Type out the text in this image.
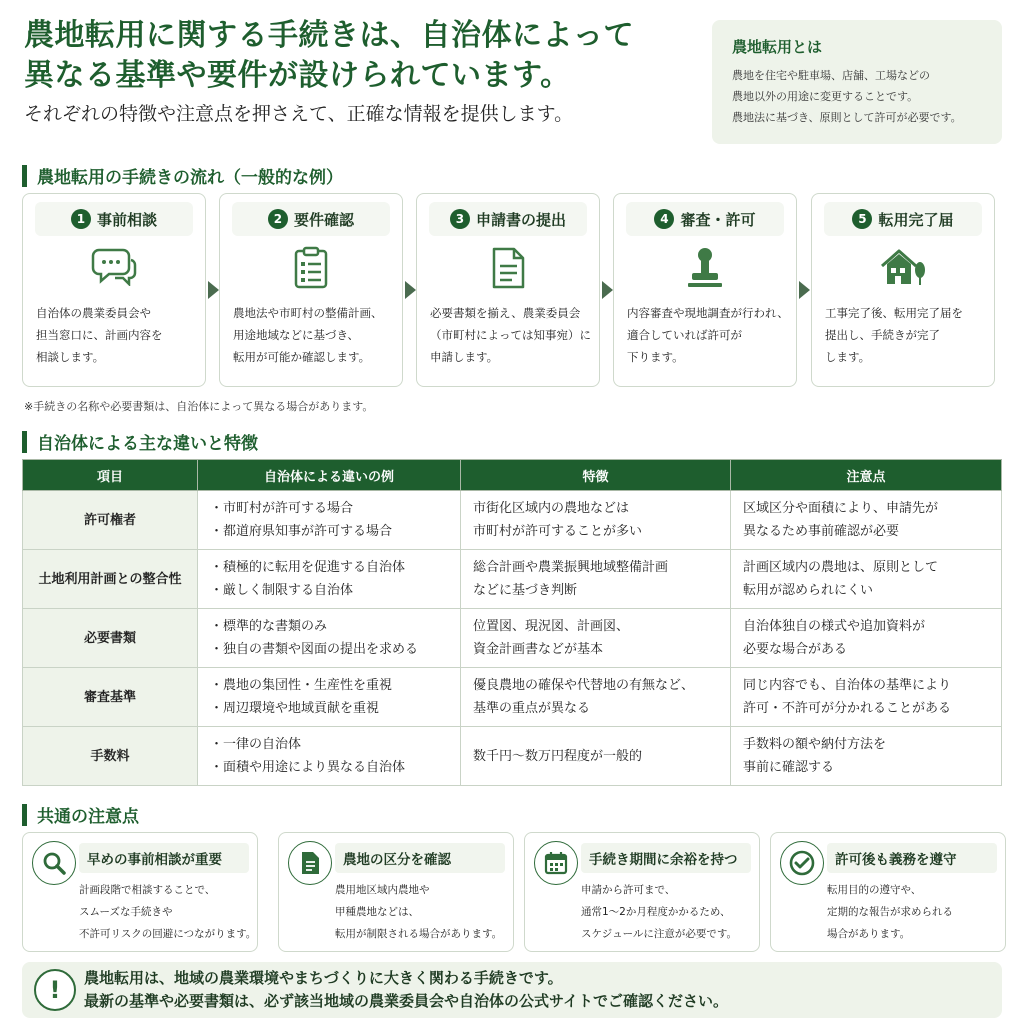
農地転用に関する手続きは、自治体によって
異なる基準や要件が設けられています。
それぞれの特徴や注意点を押さえて、正確な情報を提供します。
農地転用とは
農地を住宅や駐車場、店舗、工場などの
農地以外の用途に変更することです。
農地法に基づき、原則として許可が必要です。
農地転用の手続きの流れ（一般的な例）
1 事前相談
自治体の農業委員会や
担当窓口に、計画内容を
相談します。
2 要件確認
農地法や市町村の整備計画、
用途地域などに基づき、
転用が可能か確認します。
3 申請書の提出
必要書類を揃え、農業委員会
（市町村によっては知事宛）に
申請します。
4 審査・許可
内容審査や現地調査が行われ、
適合していれば許可が
下ります。
5 転用完了届
工事完了後、転用完了届を
提出し、手続きが完了
します。
※手続きの名称や必要書類は、自治体によって異なる場合があります。
自治体による主な違いと特徴
項目	自治体による違いの例	特徴	注意点
許可権者	・市町村が許可する場合
・都道府県知事が許可する場合	市街化区域内の農地などは
市町村が許可することが多い	区域区分や面積により、申請先が
異なるため事前確認が必要

土地利用計画との整合性	・積極的に転用を促進する自治体
・厳しく制限する自治体	総合計画や農業振興地域整備計画
などに基づき判断	計画区域内の農地は、原則として
転用が認められにくい

必要書類	・標準的な書類のみ
・独自の書類や図面の提出を求める	位置図、現況図、計画図、
資金計画書などが基本	自治体独自の様式や追加資料が
必要な場合がある

審査基準	・農地の集団性・生産性を重視
・周辺環境や地域貢献を重視	優良農地の確保や代替地の有無など、
基準の重点が異なる	同じ内容でも、自治体の基準により
許可・不許可が分かれることがある

手数料	・一律の自治体
・面積や用途により異なる自治体	数千円〜数万円程度が一般的	手数料の額や納付方法を
事前に確認する
共通の注意点
早めの事前相談が重要
計画段階で相談することで、
スムーズな手続きや
不許可リスクの回避につながります。
農地の区分を確認
農用地区域内農地や
甲種農地などは、
転用が制限される場合があります。
手続き期間に余裕を持つ
申請から許可まで、
通常1〜2か月程度かかるため、
スケジュールに注意が必要です。
許可後も義務を遵守
転用目的の遵守や、
定期的な報告が求められる
場合があります。
!	農地転用は、地域の農業環境やまちづくりに大きく関わる手続きです。
最新の基準や必要書類は、必ず該当地域の農業委員会や自治体の公式サイトでご確認ください。
